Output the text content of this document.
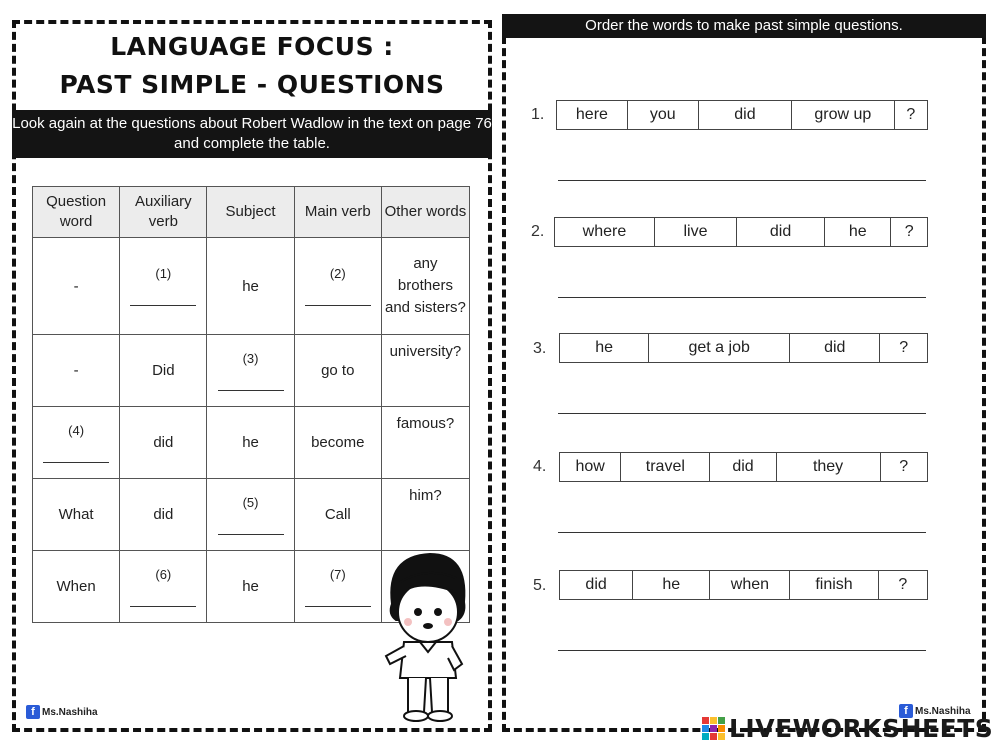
LANGUAGE FOCUS :
PAST SIMPLE - QUESTIONS
Look again at the questions about Robert Wadlow in the text on page 76 and complete the table.
Question word	Auxiliary verb	Subject	Main verb	Other words
-	(1)	he	(2)	any brothers and sisters?
-	Did	(3)	go to	university?

(4)	did	he	become	famous?
What	did	(5)	Call	him?
When	(6)	he	(7)	

f Ms.Nashiha
Order the words to make past simple questions.
1.	here	you	did	grow up	?
2.	where	live	did	he	?
3.	he	get a job	did	?
4.	how	travel	did	they	?
5.	did	he	when	finish	?
f Ms.Nashiha
LIVEWORKSHEETS
